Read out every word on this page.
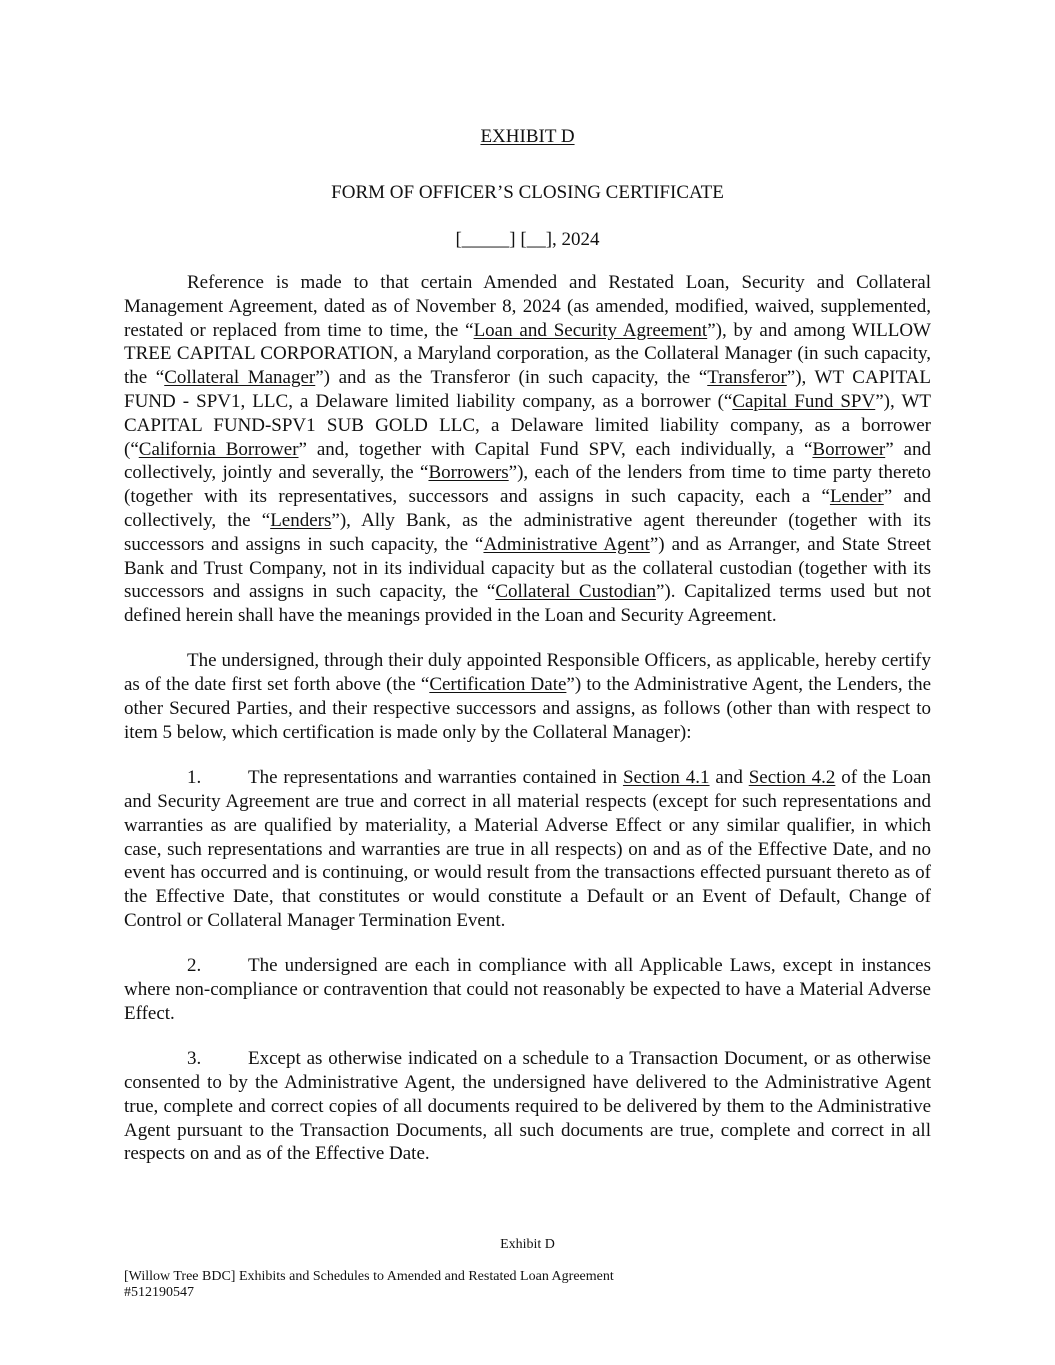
EXHIBIT D
FORM OF OFFICER’S CLOSING CERTIFICATE
[_____] [__], 2024

Reference is made to that certain Amended and Restated Loan, Security and Collateral Management Agreement, dated as of November 8, 2024 (as amended, modified, waived, supplemented, restated or replaced from time to time, the “Loan and Security Agreement”), by and among WILLOW TREE CAPITAL CORPORATION, a Maryland corporation, as the Collateral Manager (in such capacity, the “Collateral Manager”) and as the Transferor (in such capacity, the “Transferor”), WT CAPITAL FUND - SPV1, LLC, a Delaware limited liability company, as a borrower (“Capital Fund SPV”), WT CAPITAL FUND-SPV1 SUB GOLD LLC, a Delaware limited liability company, as a borrower (“California Borrower” and, together with Capital Fund SPV, each individually, a “Borrower” and collectively, jointly and severally, the “Borrowers”), each of the lenders from time to time party thereto (together with its representatives, successors and assigns in such capacity, each a “Lender” and collectively, the “Lenders”), Ally Bank, as the administrative agent thereunder (together with its successors and assigns in such capacity, the “Administrative Agent”) and as Arranger, and State Street Bank and Trust Company, not in its individual capacity but as the collateral custodian (together with its successors and assigns in such capacity, the “Collateral Custodian”). Capitalized terms used but not defined herein shall have the meanings provided in the Loan and Security Agreement.

The undersigned, through their duly appointed Responsible Officers, as applicable, hereby certify as of the date first set forth above (the “Certification Date”) to the Administrative Agent, the Lenders, the other Secured Parties, and their respective successors and assigns, as follows (other than with respect to item 5 below, which certification is made only by the Collateral Manager):

1. The representations and warranties contained in Section 4.1 and Section 4.2 of the Loan and Security Agreement are true and correct in all material respects (except for such representations and warranties as are qualified by materiality, a Material Adverse Effect or any similar qualifier, in which case, such representations and warranties are true in all respects) on and as of the Effective Date, and no event has occurred and is continuing, or would result from the transactions effected pursuant thereto as of the Effective Date, that constitutes or would constitute a Default or an Event of Default, Change of Control or Collateral Manager Termination Event.

2. The undersigned are each in compliance with all Applicable Laws, except in instances where non-compliance or contravention that could not reasonably be expected to have a Material Adverse Effect.

3. Except as otherwise indicated on a schedule to a Transaction Document, or as otherwise consented to by the Administrative Agent, the undersigned have delivered to the Administrative Agent true, complete and correct copies of all documents required to be delivered by them to the Administrative Agent pursuant to the Transaction Documents, all such documents are true, complete and correct in all respects on and as of the Effective Date.

Exhibit D
[Willow Tree BDC] Exhibits and Schedules to Amended and Restated Loan Agreement
#512190547
